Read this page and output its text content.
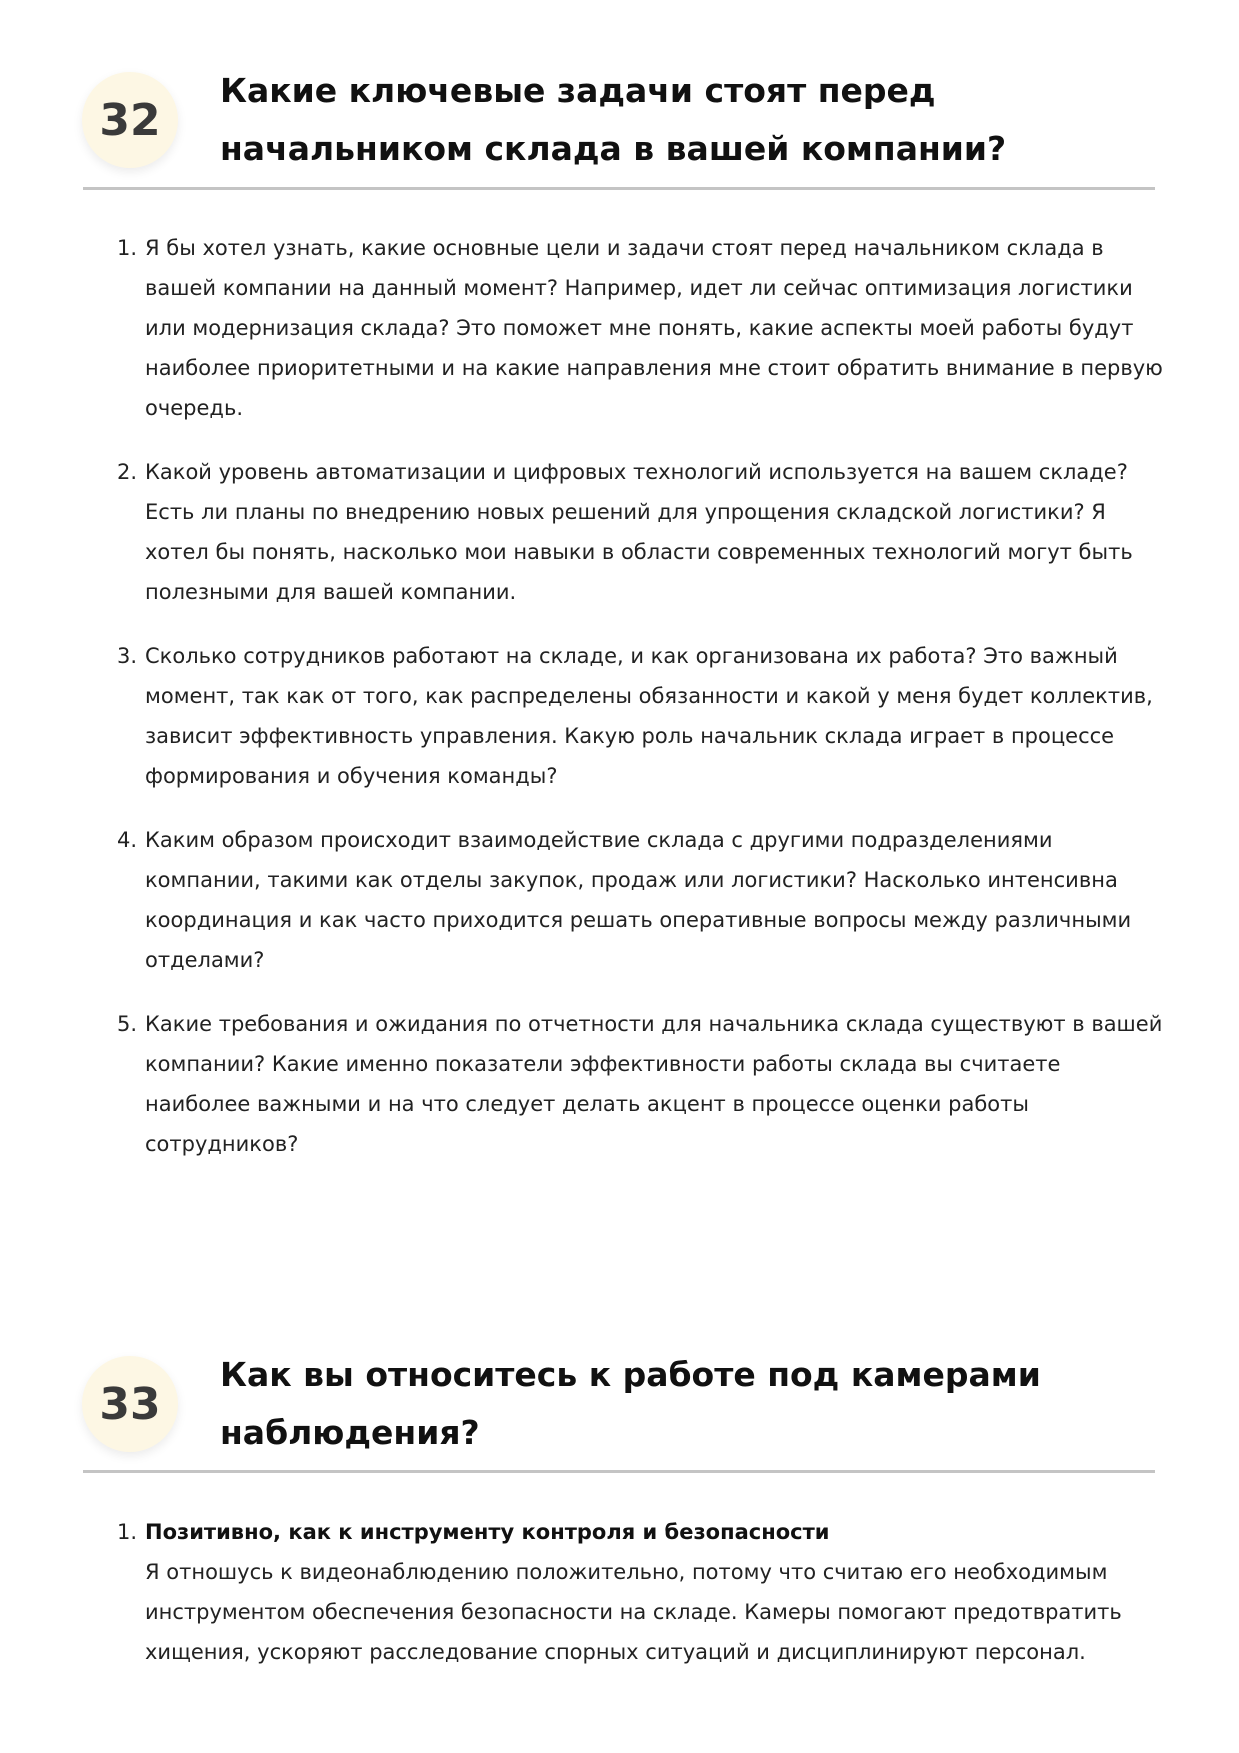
32
Какие ключевые задачи стоят перед начальником склада в вашей компании?
1. Я бы хотел узнать, какие основные цели и задачи стоят перед начальником склада в вашей компании на данный момент? Например, идет ли сейчас оптимизация логистики или модернизация склада? Это поможет мне понять, какие аспекты моей работы будут наиболее приоритетными и на какие направления мне стоит обратить внимание в первую очередь.
2. Какой уровень автоматизации и цифровых технологий используется на вашем складе? Есть ли планы по внедрению новых решений для упрощения складской логистики? Я хотел бы понять, насколько мои навыки в области современных технологий могут быть полезными для вашей компании.
3. Сколько сотрудников работают на складе, и как организована их работа? Это важный момент, так как от того, как распределены обязанности и какой у меня будет коллектив, зависит эффективность управления. Какую роль начальник склада играет в процессе формирования и обучения команды?
4. Каким образом происходит взаимодействие склада с другими подразделениями компании, такими как отделы закупок, продаж или логистики? Насколько интенсивна координация и как часто приходится решать оперативные вопросы между различными отделами?
5. Какие требования и ожидания по отчетности для начальника склада существуют в вашей компании? Какие именно показатели эффективности работы склада вы считаете наиболее важными и на что следует делать акцент в процессе оценки работы сотрудников?
33
Как вы относитесь к работе под камерами наблюдения?
1. Позитивно, как к инструменту контроля и безопасности
Я отношусь к видеонаблюдению положительно, потому что считаю его необходимым инструментом обеспечения безопасности на складе. Камеры помогают предотвратить хищения, ускоряют расследование спорных ситуаций и дисциплинируют персонал.
